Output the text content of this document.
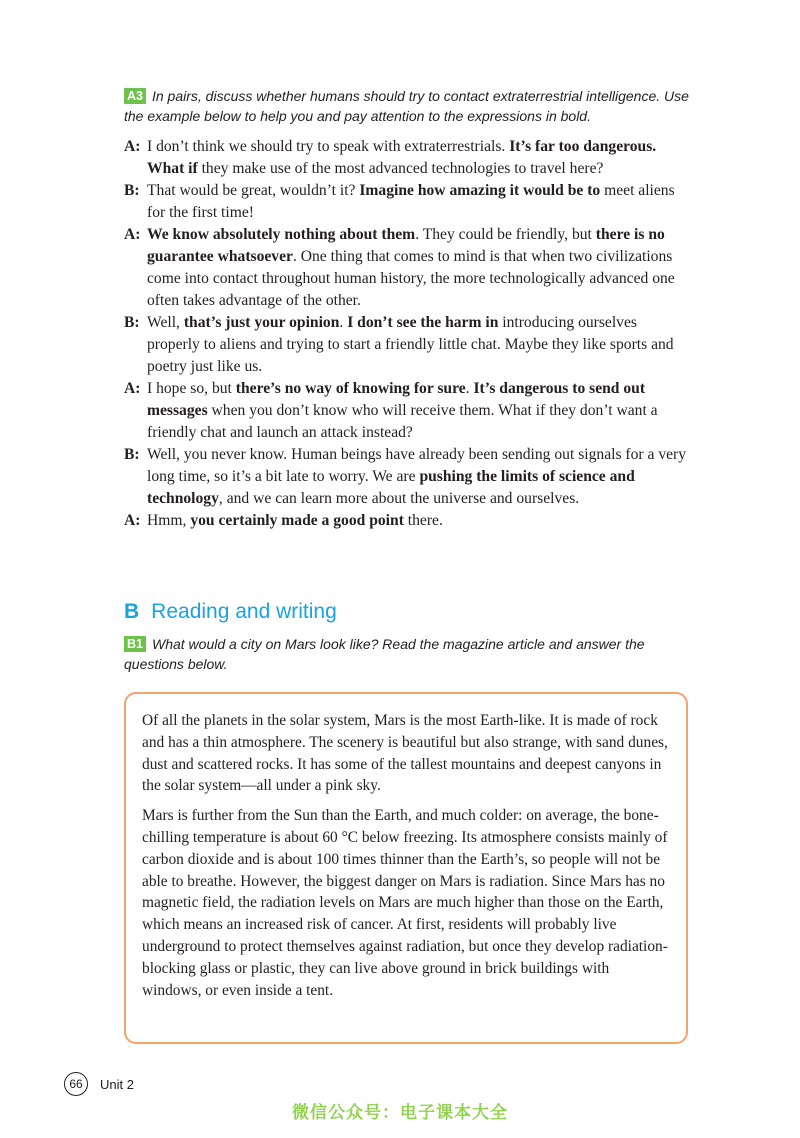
A3 In pairs, discuss whether humans should try to contact extraterrestrial intelligence. Use the example below to help you and pay attention to the expressions in bold.
A: I don’t think we should try to speak with extraterrestrials. It’s far too dangerous. What if they make use of the most advanced technologies to travel here?
B: That would be great, wouldn’t it? Imagine how amazing it would be to meet aliens for the first time!
A: We know absolutely nothing about them. They could be friendly, but there is no guarantee whatsoever. One thing that comes to mind is that when two civilizations come into contact throughout human history, the more technologically advanced one often takes advantage of the other.
B: Well, that’s just your opinion. I don’t see the harm in introducing ourselves properly to aliens and trying to start a friendly little chat. Maybe they like sports and poetry just like us.
A: I hope so, but there’s no way of knowing for sure. It’s dangerous to send out messages when you don’t know who will receive them. What if they don’t want a friendly chat and launch an attack instead?
B: Well, you never know. Human beings have already been sending out signals for a very long time, so it’s a bit late to worry. We are pushing the limits of science and technology, and we can learn more about the universe and ourselves.
A: Hmm, you certainly made a good point there.
B Reading and writing
B1 What would a city on Mars look like? Read the magazine article and answer the questions below.

Of all the planets in the solar system, Mars is the most Earth-like. It is made of rock and has a thin atmosphere. The scenery is beautiful but also strange, with sand dunes, dust and scattered rocks. It has some of the tallest mountains and deepest canyons in the solar system—all under a pink sky.

Mars is further from the Sun than the Earth, and much colder: on average, the bone-chilling temperature is about 60 °C below freezing. Its atmosphere consists mainly of carbon dioxide and is about 100 times thinner than the Earth’s, so people will not be able to breathe. However, the biggest danger on Mars is radiation. Since Mars has no magnetic field, the radiation levels on Mars are much higher than those on the Earth, which means an increased risk of cancer. At first, residents will probably live underground to protect themselves against radiation, but once they develop radiation-blocking glass or plastic, they can live above ground in brick buildings with windows, or even inside a tent.

66	Unit 2
微信公众号：电子课本大全
